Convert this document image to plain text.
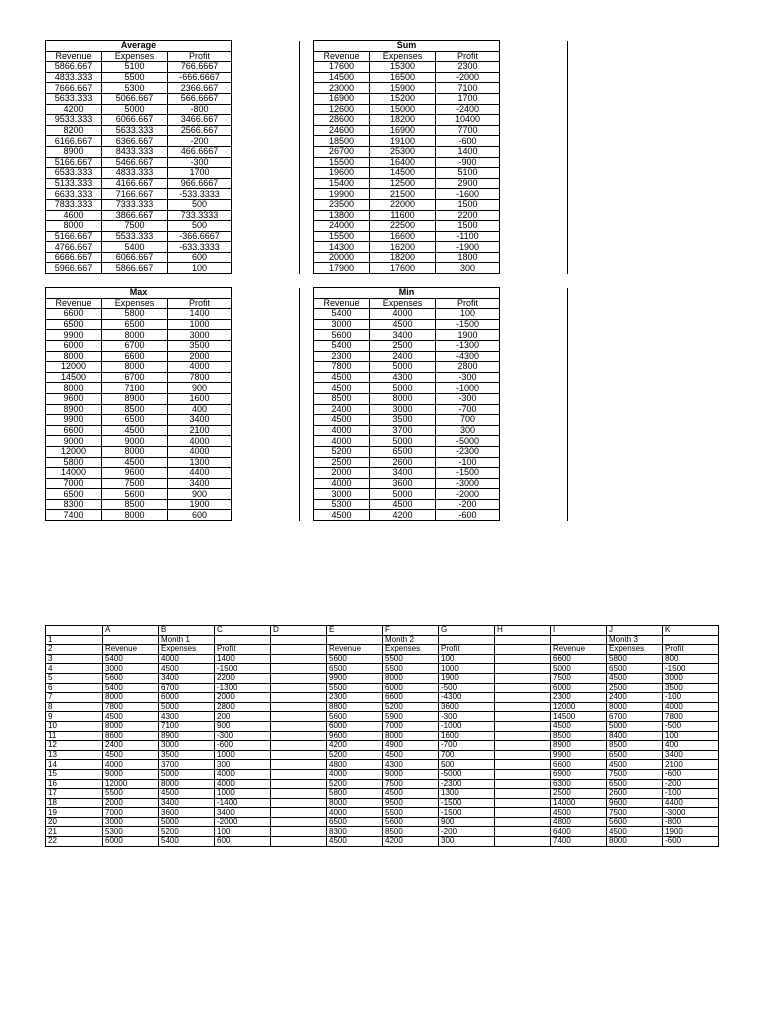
Average			
Revenue	Expenses	Profit	
5866.667	5100	766.6667	
4833.333	5500	-666.6667	
7666.667	5300	2366.667	
5633.333	5066.667	566.6667	
4200	5000	-800	
9533.333	6066.667	3466.667	
8200	5633.333	2566.667	
6166.667	6366.667	-200	
8900	8433.333	466.6667	
5166.667	5466.667	-300	
6533.333	4833.333	1700	
5133.333	4166.667	966.6667	
6633.333	7166.667	-533.3333	
7833.333	7333.333	500	
4600	3866.667	733.3333	
8000	7500	500	
5166.667	5533.333	-366.6667	
4766.667	5400	-633.3333	
6666.667	6066.667	600	
5966.667	5866.667	100	

Sum			
Revenue	Expenses	Profit	
17600	15300	2300	
14500	16500	-2000	
23000	15900	7100	
16900	15200	1700	
12600	15000	-2400	
28600	18200	10400	
24600	16900	7700	
18500	19100	-600	
26700	25300	1400	
15500	16400	-900	
19600	14500	5100	
15400	12500	2900	
19900	21500	-1600	
23500	22000	1500	
13800	11600	2200	
24000	22500	1500	
15500	16600	-1100	
14300	16200	-1900	
20000	18200	1800	
17900	17600	300	

Max			
Revenue	Expenses	Profit	
6600	5800	1400	
6500	6500	1000	
9900	8000	3000	
6000	6700	3500	
8000	6600	2000	
12000	8000	4000	
14500	6700	7800	
8000	7100	900	
9600	8900	1600	
8900	8500	400	
9900	6500	3400	
6600	4500	2100	
9000	9000	4000	
12000	8000	4000	
5800	4500	1300	
14000	9600	4400	
7000	7500	3400	
6500	5600	900	
8300	8500	1900	
7400	8000	600	
Min			
Revenue	Expenses	Profit	
5400	4000	100	
3000	4500	-1500	
5600	3400	1900	
5400	2500	-1300	
2300	2400	-4300	
7800	5000	2800	
4500	4300	-300	
4500	5000	-1000	
8500	8000	-300	
2400	3000	-700	
4500	3500	700	
4000	3700	300	
4000	5000	-5000	
5200	6500	-2300	
2500	2600	-100	
2000	3400	-1500	
4000	3600	-3000	
3000	5000	-2000	
5300	4500	-200	
4500	4200	-600	
	A	B	C	D	E	F	G	H	I	J	K
1		Month 1				Month 2				Month 3	
2	Revenue	Expenses	Profit		Revenue	Expenses	Profit		Revenue	Expenses	Profit
3	5400	4000	1400		5600	5500	100		6600	5800	800
4	3000	4500	-1500		6500	5500	1000		5000	6500	-1500
5	5600	3400	2200		9900	8000	1900		7500	4500	3000
6	5400	6700	-1300		5500	6000	-500		6000	2500	3500
7	8000	6000	2000		2300	6600	-4300		2300	2400	-100
8	7800	5000	2800		8800	5200	3600		12000	8000	4000
9	4500	4300	200		5600	5900	-300		14500	6700	7800
10	8000	7100	900		6000	7000	-1000		4500	5000	-500
11	8600	8900	-300		9600	8000	1600		8500	8400	100
12	2400	3000	-600		4200	4900	-700		8900	8500	400
13	4500	3500	1000		5200	4500	700		9900	6500	3400
14	4000	3700	300		4800	4300	500		6600	4500	2100
15	9000	5000	4000		4000	9000	-5000		6900	7500	-600
16	12000	8000	4000		5200	7500	-2300		6300	6500	-200
17	5500	4500	1000		5800	4500	1300		2500	2600	-100
18	2000	3400	-1400		8000	9500	-1500		14000	9600	4400
19	7000	3600	3400		4000	5500	-1500		4500	7500	-3000
20	3000	5000	-2000		6500	5600	900		4800	5600	-800
21	5300	5200	100		8300	8500	-200		6400	4500	1900
22	6000	5400	600		4500	4200	300		7400	8000	-600
